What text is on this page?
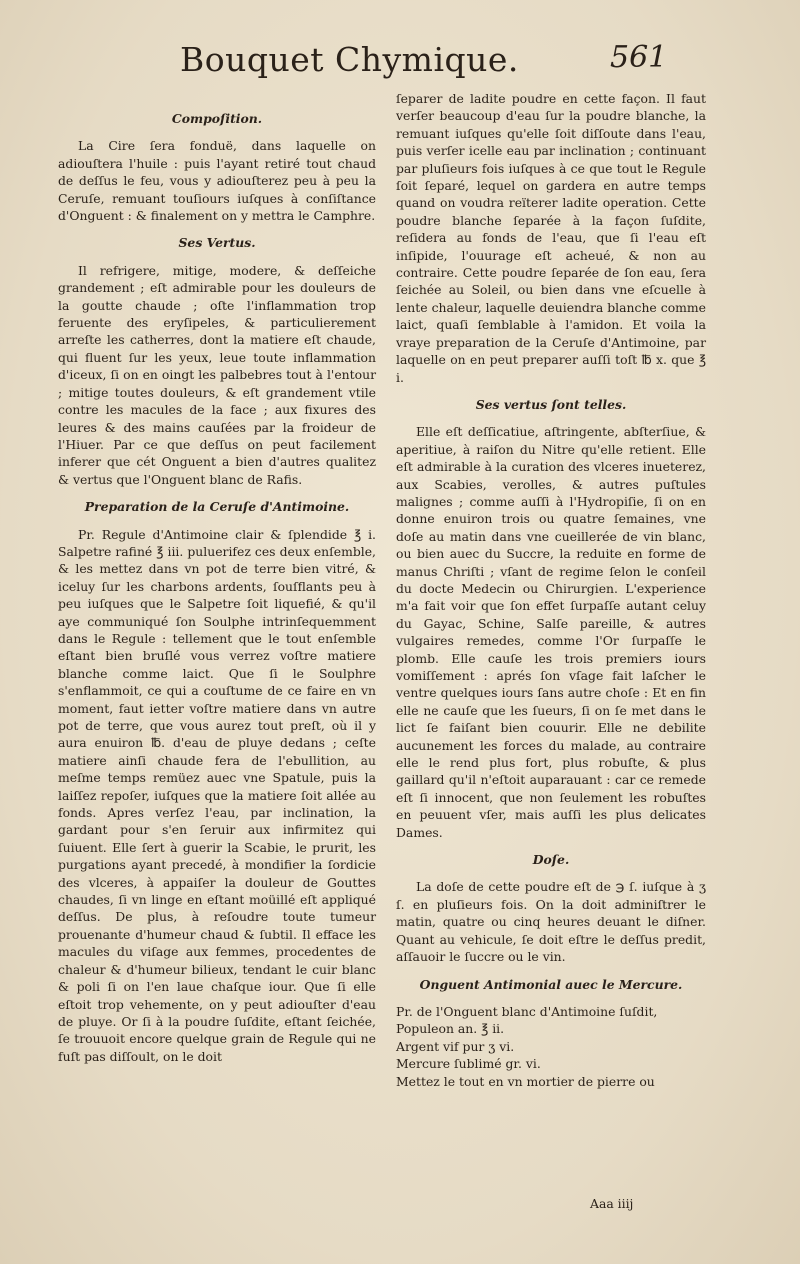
Bouquet Chymique.	561
Compoſition.

La Cire ſera fonduë, dans laquelle on adiouſtera l'huile : puis l'ayant retiré tout chaud de deſſus le feu, vous y adiouſterez peu à peu la Ceruſe, remuant touſiours iuſques à conſiſtance d'Onguent : & finalement on y mettra le Camphre.

Ses Vertus.

Il refrigere, mitige, modere, & deſſeiche grandement ; eſt admirable pour les douleurs de la goutte chaude ; oſte l'inflammation trop feruente des eryſipeles, & particulierement arreſte les catherres, dont la matiere eſt chaude, qui fluent ſur les yeux, leue toute inflammation d'iceux, ſi on en oingt les palbebres tout à l'entour ; mitige toutes douleurs, & eſt grandement vtile contre les macules de la face ; aux fixures des leures & des mains cauſées par la froideur de l'Hiuer. Par ce que deſſus on peut facilement inferer que cét Onguent a bien d'autres qualitez & vertus que l'Onguent blanc de Rafis.

Preparation de la Ceruſe d'Antimoine.

Pr. Regule d'Antimoine clair & ſplendide ℥ i. Salpetre rafiné ℥ iii. puluerifez ces deux enſemble, & les mettez dans vn pot de terre bien vitré, & iceluy ſur les charbons ardents, ſouſflants peu à peu iuſques que le Salpetre ſoit liquefié, & qu'il aye communiqué ſon Soulphe intrinſequemment dans le Regule : tellement que le tout enſemble eſtant bien bruſlé vous verrez voſtre matiere blanche comme laict. Que ſi le Soulphre s'enflammoit, ce qui a couſtume de ce faire en vn moment, faut ietter voſtre matiere dans vn autre pot de terre, que vous aurez tout preſt, où il y aura enuiron ℔. d'eau de pluye dedans ; ceſte matiere ainſi chaude fera de l'ebullition, au meſme temps remüez auec vne Spatule, puis la laiſſez repoſer, iuſques que la matiere ſoit allée au fonds. Apres verſez l'eau, par inclination, la gardant pour s'en ſeruir aux infirmitez qui ſuiuent. Elle ſert à guerir la Scabie, le prurit, les purgations ayant precedé, à mondifier la ſordicie des vlceres, à appaiſer la douleur de Gouttes chaudes, ſi vn linge en eſtant moüillé eſt appliqué deſſus. De plus, à reſoudre toute tumeur prouenante d'humeur chaud & ſubtil. Il efface les macules du viſage aux femmes, procedentes de chaleur & d'humeur bilieux, tendant le cuir blanc & poli ſi on l'en laue chaſque iour. Que ſi elle eſtoit trop vehemente, on y peut adiouſter d'eau de pluye. Or ſi à la poudre ſuſdite, eſtant ſeichée, ſe trouuoit encore quelque grain de Regule qui ne fuſt pas diſſoult, on le doit

ſeparer de ladite poudre en cette façon. Il faut verſer beaucoup d'eau ſur la poudre blanche, la remuant iuſques qu'elle ſoit diſſoute dans l'eau, puis verſer icelle eau par inclination ; continuant par pluſieurs fois iuſques à ce que tout le Regule ſoit ſeparé, lequel on gardera en autre temps quand on voudra reïterer ladite operation. Cette poudre blanche ſeparée à la façon ſuſdite, reſidera au fonds de l'eau, que ſi l'eau eſt inſipide, l'ouurage eſt acheué, & non au contraire. Cette poudre ſeparée de ſon eau, ſera ſeichée au Soleil, ou bien dans vne eſcuelle à lente chaleur, laquelle deuiendra blanche comme laict, quaſi ſemblable à l'amidon. Et voila la vraye preparation de la Ceruſe d'Antimoine, par laquelle on en peut preparer auſſi toſt ℔ x. que ℥ i.

Ses vertus ſont telles.

Elle eſt deſſicatiue, aſtringente, abſterſiue, & aperitiue, à raiſon du Nitre qu'elle retient. Elle eſt admirable à la curation des vlceres inueterez, aux Scabies, verolles, & autres puſtules malignes ; comme auſſi à l'Hydropiſie, ſi on en donne enuiron trois ou quatre ſemaines, vne doſe au matin dans vne cueillerée de vin blanc, ou bien auec du Succre, la reduite en forme de manus Chriſti ; vſant de regime ſelon le conſeil du docte Medecin ou Chirurgien. L'experience m'a fait voir que ſon effet ſurpaſſe autant celuy du Gayac, Schine, Salſe pareille, & autres vulgaires remedes, comme l'Or ſurpaſſe le plomb. Elle cauſe les trois premiers iours vomiſſement : aprés ſon vſage fait laſcher le ventre quelques iours ſans autre choſe : Et en fin elle ne cauſe que les ſueurs, ſi on ſe met dans le lict ſe faiſant bien couurir. Elle ne debilite aucunement les forces du malade, au contraire elle le rend plus fort, plus robuſte, & plus gaillard qu'il n'eſtoit auparauant : car ce remede eſt ſi innocent, que non ſeulement les robuſtes en peuuent vſer, mais auſſi les plus delicates Dames.

Doſe.

La doſe de cette poudre eſt de ℈ ſ. iuſque à ʒ ſ. en pluſieurs fois. On la doit adminiſtrer le matin, quatre ou cinq heures deuant le diſner. Quant au vehicule, ſe doit eſtre le deſſus predit, aſſauoir le ſuccre ou le vin.

Onguent Antimonial auec le Mercure.

Pr. de l'Onguent blanc d'Antimoine ſuſdit,

Populeon an. ℥ ii.
Argent vif pur ʒ vi.
Mercure ſublimé gr. vi.
Mettez le tout en vn mortier de pierre ou
Aaa iiij
